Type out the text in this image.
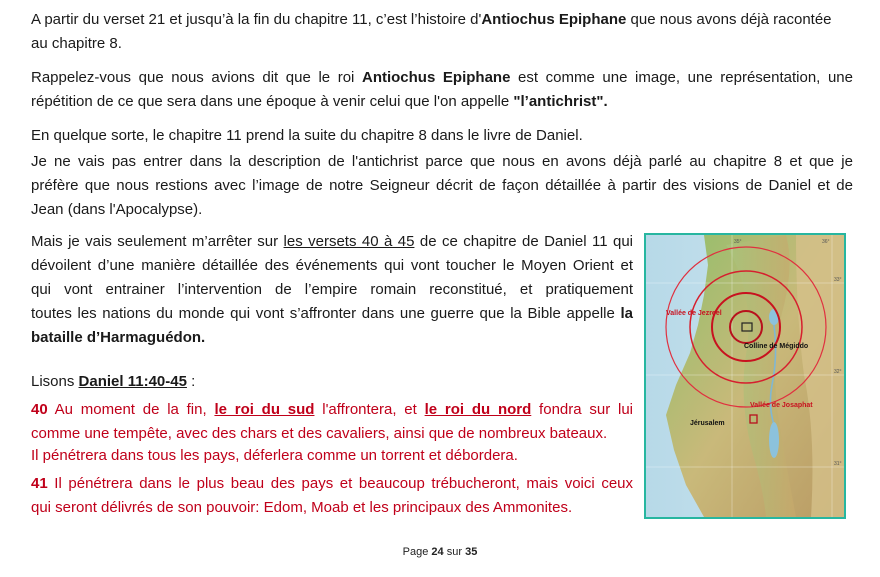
A partir du verset 21 et jusqu’à la fin du chapitre 11, c’est l’histoire d'Antiochus Epiphane que nous avons déjà racontée

au chapitre 8.

Rappelez-vous que nous avions dit que le roi Antiochus Epiphane est comme une image, une représentation, une

répétition de ce que sera dans une époque à venir celui que l'on appelle "l’antichrist".

En quelque sorte, le chapitre 11 prend la suite du chapitre 8 dans le livre de Daniel.

Je ne vais pas entrer dans la description de l'antichrist parce que nous en avons déjà parlé au chapitre 8 et que je

préfère que nous restions avec l’image de notre Seigneur décrit de façon détaillée à partir des visions de Daniel et de

Jean (dans l'Apocalypse).

Mais je vais seulement m’arrêter sur les versets 40 à 45 de ce chapitre de Daniel 11 qui

dévoilent d’une manière détaillée des événements qui vont toucher le Moyen Orient et

qui vont entrainer l’intervention de l’empire romain reconstitué, et pratiquement

toutes les nations du monde qui vont s’affronter dans une guerre que la Bible appelle la

bataille d’Harmaguédon.

Lisons Daniel 11:40-45 :

40 Au moment de la fin, le roi du sud l'affrontera, et le roi du nord fondra sur lui

comme une tempête, avec des chars et des cavaliers, ainsi que de nombreux bateaux.

Il pénétrera dans tous les pays, déferlera comme un torrent et débordera.

41 Il pénétrera dans le plus beau des pays et beaucoup trébucheront, mais voici ceux

qui seront délivrés de son pouvoir: Edom, Moab et les principaux des Ammonites.

35°	36°
33°
32°
31°
Vallée de Jezreel
Colline de Mégiddo
Vallée de Josaphat
Jérusalem
Page 24 sur 35
